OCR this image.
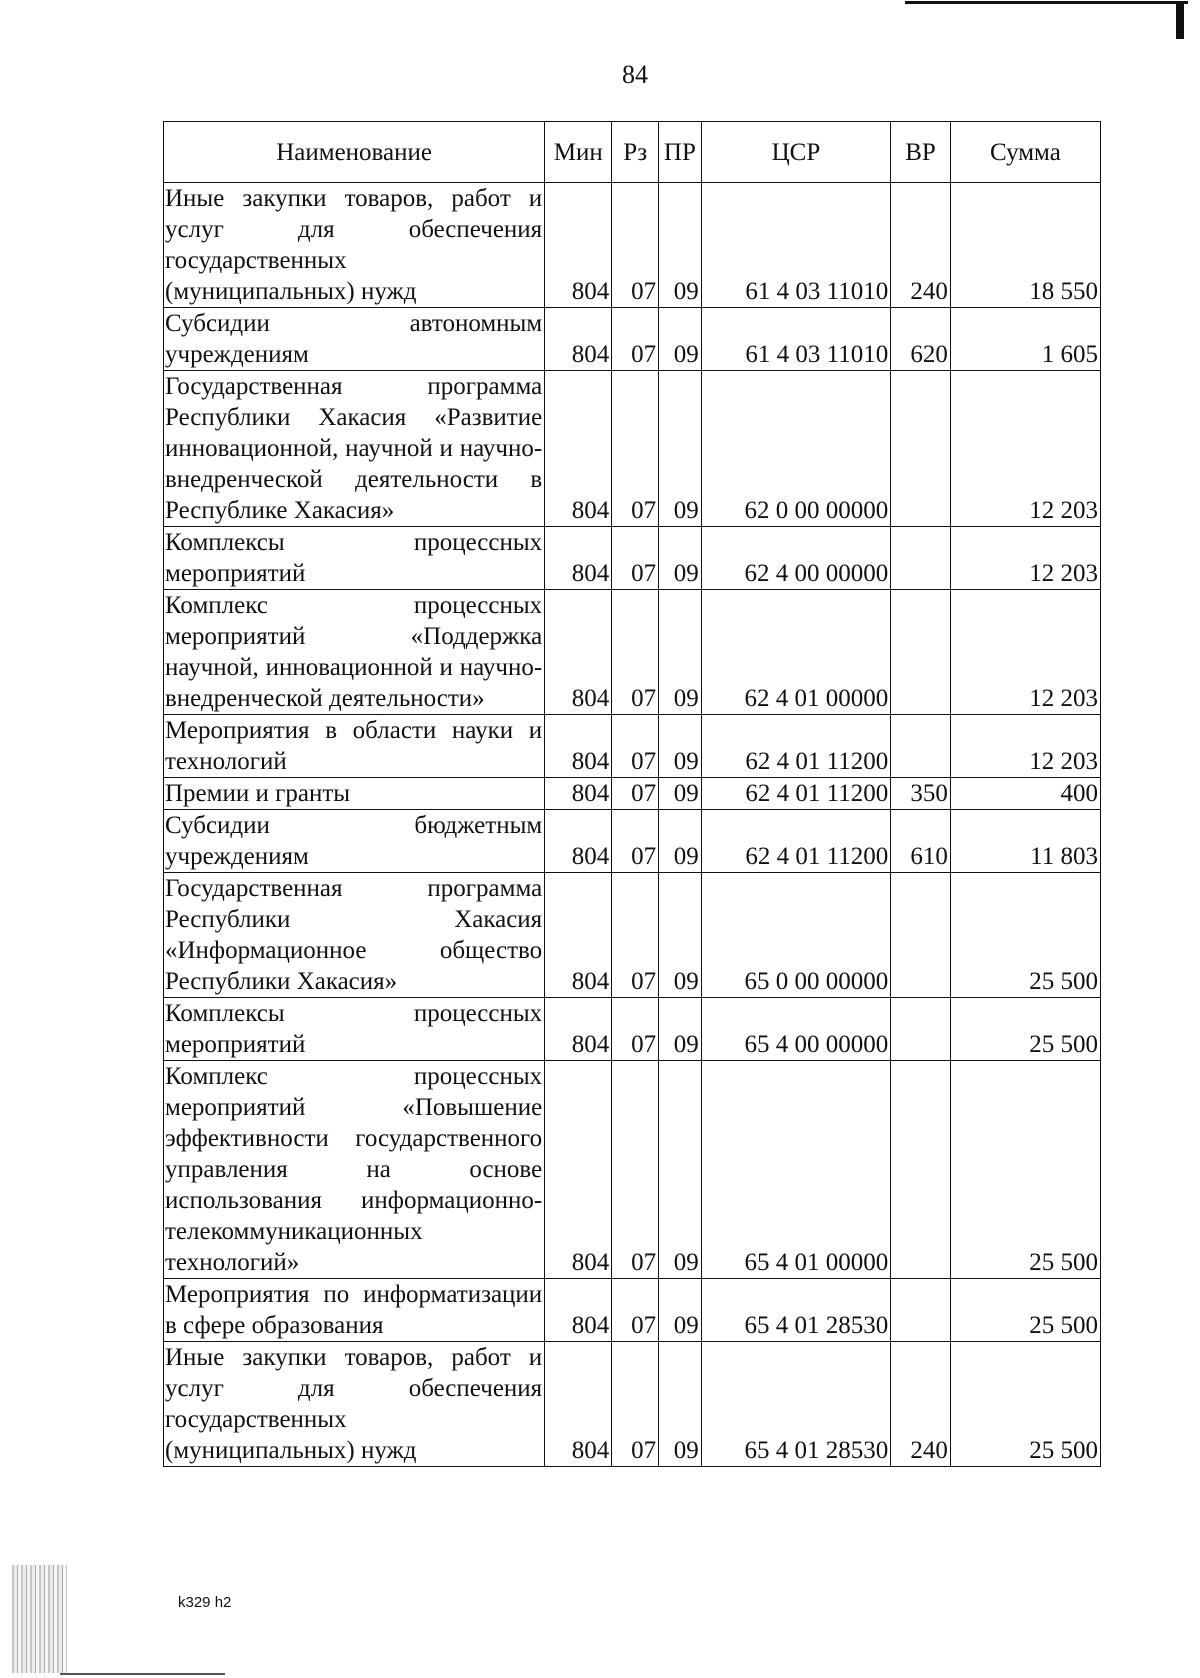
84
Наименование	Мин	Рз	ПР	ЦСР	ВР	Сумма
Иные закупки товаров, работ и услуг для обеспечения государственных (муниципальных) нужд	804	07	09	61 4 03 11010	240	18 550
Субсидии автономным учреждениям	804	07	09	61 4 03 11010	620	1 605
Государственная программа Республики Хакасия «Развитие инновационной, научной и научно-внедренческой деятельности в Республике Хакасия»	804	07	09	62 0 00 00000		12 203
Комплексы процессных мероприятий	804	07	09	62 4 00 00000		12 203
Комплекс процессных мероприятий «Поддержка научной, инновационной и научно-внедренческой деятельности»	804	07	09	62 4 01 00000		12 203
Мероприятия в области науки и технологий	804	07	09	62 4 01 11200		12 203
Премии и гранты	804	07	09	62 4 01 11200	350	400
Субсидии бюджетным учреждениям	804	07	09	62 4 01 11200	610	11 803
Государственная программа Республики Хакасия «Информационное общество Республики Хакасия»	804	07	09	65 0 00 00000		25 500
Комплексы процессных мероприятий	804	07	09	65 4 00 00000		25 500
Комплекс процессных мероприятий «Повышение эффективности государственного управления на основе использования информационно-телекоммуникационных технологий»	804	07	09	65 4 01 00000		25 500
Мероприятия по информатизации в сфере образования	804	07	09	65 4 01 28530		25 500
Иные закупки товаров, работ и услуг для обеспечения государственных (муниципальных) нужд	804	07	09	65 4 01 28530	240	25 500
k329 h2
